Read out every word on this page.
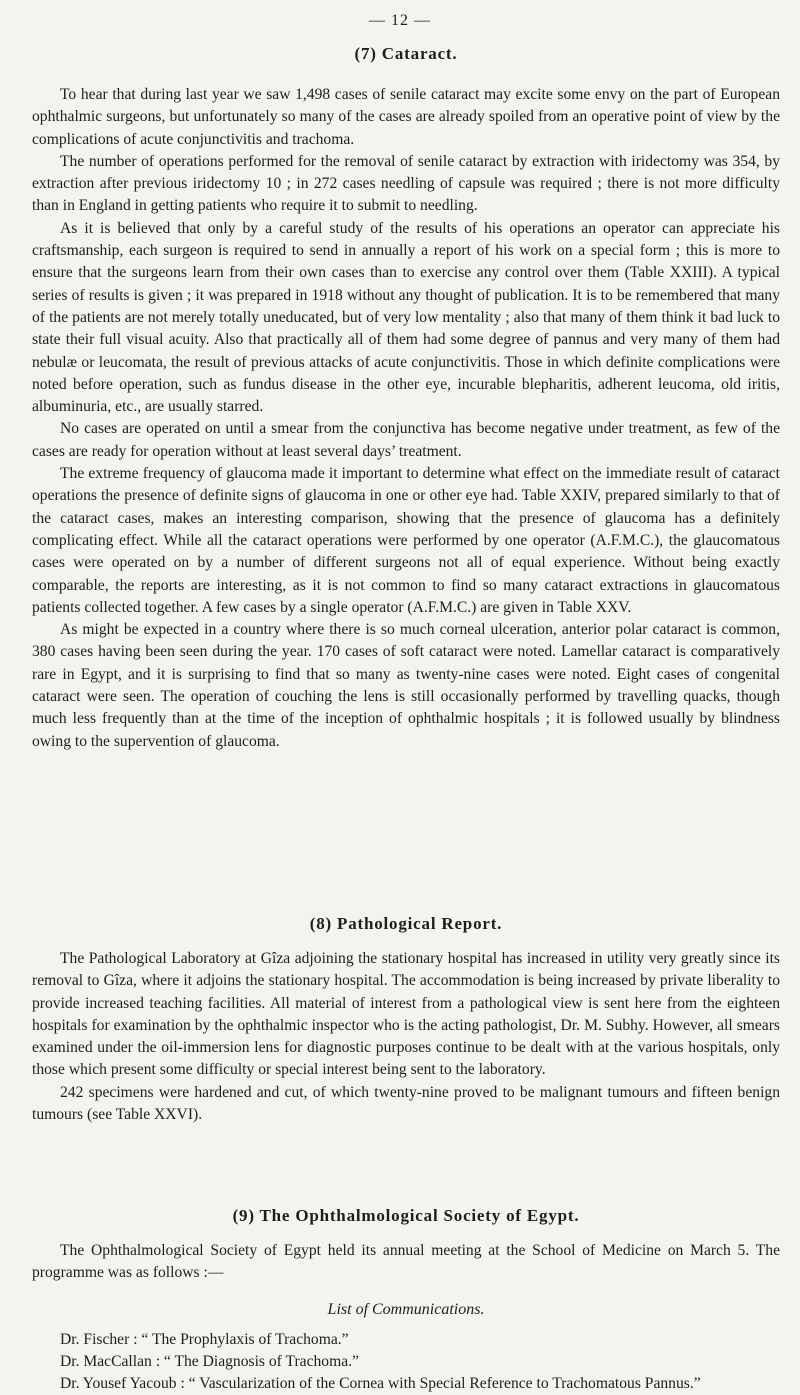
— 12 —
(7) Cataract.

To hear that during last year we saw 1,498 cases of senile cataract may excite some envy on the part of European ophthalmic surgeons, but unfortunately so many of the cases are already spoiled from an operative point of view by the complications of acute conjunctivitis and trachoma.

The number of operations performed for the removal of senile cataract by extraction with iridectomy was 354, by extraction after previous iridectomy 10 ; in 272 cases needling of capsule was required ; there is not more difficulty than in England in getting patients who require it to submit to needling.

As it is believed that only by a careful study of the results of his operations an operator can appreciate his craftsmanship, each surgeon is required to send in annually a report of his work on a special form ; this is more to ensure that the surgeons learn from their own cases than to exercise any control over them (Table XXIII). A typical series of results is given ; it was prepared in 1918 without any thought of publication. It is to be remembered that many of the patients are not merely totally uneducated, but of very low mentality ; also that many of them think it bad luck to state their full visual acuity. Also that practically all of them had some degree of pannus and very many of them had nebulæ or leucomata, the result of previous attacks of acute conjunctivitis. Those in which definite complications were noted before operation, such as fundus disease in the other eye, incurable blepharitis, adherent leucoma, old iritis, albuminuria, etc., are usually starred.

No cases are operated on until a smear from the conjunctiva has become negative under treatment, as few of the cases are ready for operation without at least several days’ treatment.

The extreme frequency of glaucoma made it important to determine what effect on the immediate result of cataract operations the presence of definite signs of glaucoma in one or other eye had. Table XXIV, prepared similarly to that of the cataract cases, makes an interesting comparison, showing that the presence of glaucoma has a definitely complicating effect. While all the cataract operations were performed by one operator (A.F.M.C.), the glaucomatous cases were operated on by a number of different surgeons not all of equal experience. Without being exactly comparable, the reports are interesting, as it is not common to find so many cataract extractions in glaucomatous patients collected together. A few cases by a single operator (A.F.M.C.) are given in Table XXV.

As might be expected in a country where there is so much corneal ulceration, anterior polar cataract is common, 380 cases having been seen during the year. 170 cases of soft cataract were noted. Lamellar cataract is comparatively rare in Egypt, and it is surprising to find that so many as twenty-nine cases were noted. Eight cases of congenital cataract were seen. The operation of couching the lens is still occasionally performed by travelling quacks, though much less frequently than at the time of the inception of ophthalmic hospitals ; it is followed usually by blindness owing to the supervention of glaucoma.

(8) Pathological Report.

The Pathological Laboratory at Gîza adjoining the stationary hospital has increased in utility very greatly since its removal to Gîza, where it adjoins the stationary hospital. The accommodation is being increased by private liberality to provide increased teaching facilities. All material of interest from a pathological view is sent here from the eighteen hospitals for examination by the ophthalmic inspector who is the acting pathologist, Dr. M. Subhy. However, all smears examined under the oil-immersion lens for diagnostic purposes continue to be dealt with at the various hospitals, only those which present some difficulty or special interest being sent to the laboratory.

242 specimens were hardened and cut, of which twenty-nine proved to be malignant tumours and fifteen benign tumours (see Table XXVI).

(9) The Ophthalmological Society of Egypt.

The Ophthalmological Society of Egypt held its annual meeting at the School of Medicine on March 5. The programme was as follows :—

List of Communications.

Dr. Fischer : “ The Prophylaxis of Trachoma.”

Dr. MacCallan : “ The Diagnosis of Trachoma.”

Dr. Yousef Yacoub : “ Vascularization of the Cornea with Special Reference to Trachomatous Pannus.”
